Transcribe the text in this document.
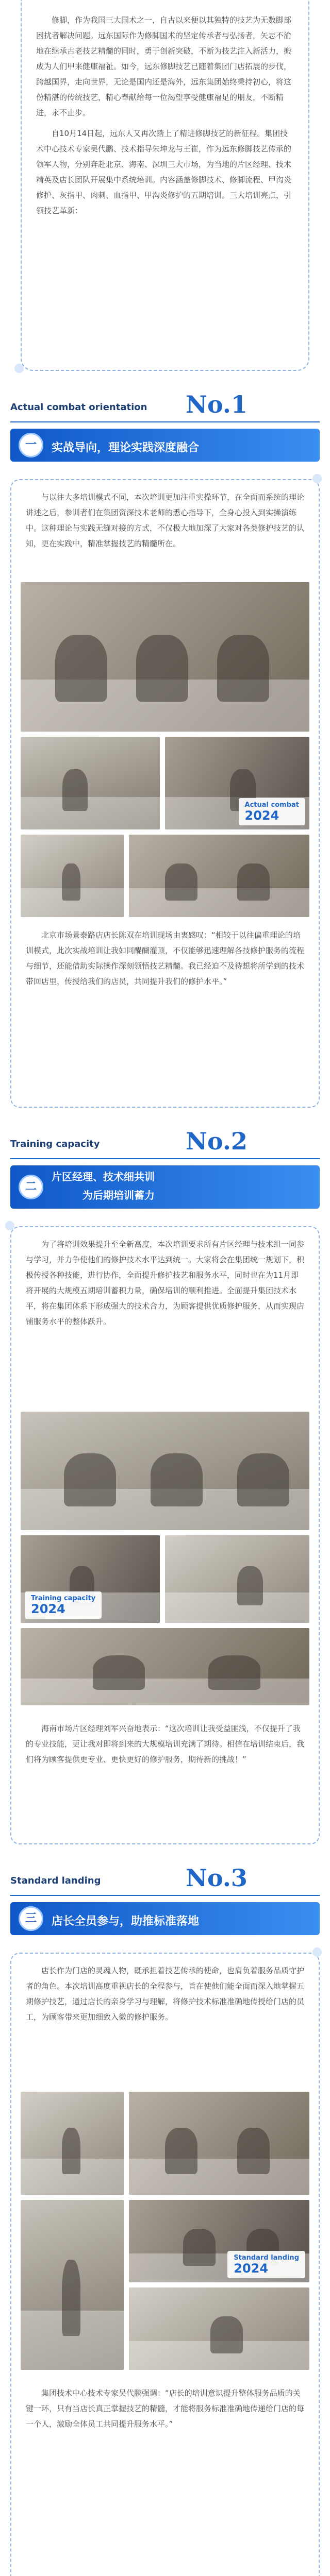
修脚，作为我国三大国术之一，自古以来便以其独特的技艺为无数脚部困扰者解决问题。远东国际作为修脚国术的坚定传承者与弘扬者，矢志不渝地在继承古老技艺精髓的同时，勇于创新突破，不断为技艺注入新活力，搬成为人们甲来健康福祉。如今，远东修脚技艺已随着集团门店拓展的步伐，跨越国界，走向世界，无论是国内还是海外，远东集团始终秉持初心，将这份精湛的传统技艺，精心奉献给每一位渴望享受健康福足的朋友，不断精进，永不止步。

自10月14日起，远东人又再次踏上了精进修脚技艺的新征程。集团技术中心技术专家吴代鹏、技术指导朱坤龙与王崔，作为远东修脚技艺传承的领军人物，分别奔赴北京、海南、深圳三大市场，为当地的片区经理、技术精英及店长团队开展集中系统培训。内容涵盖修脚技术、修脚流程、甲沟炎修护、灰指甲、肉刺、血指甲、甲沟炎修护的五期培训。三大培训亮点，引领技艺革新：

Actual combat orientation No.1
一	实战导向，理论实践深度融合
与以往大多培训模式不同，本次培训更加注重实操环节，在全面而系统的理论讲述之后，参训者们在集团资深技术老师的悉心指导下，全身心投入到实操演练中。这种理论与实践无缝对接的方式，不仅极大地加深了大家对各类修护技艺的认知，更在实践中，精准掌握技艺的精髓所在。
Actual combat
2024
北京市场景泰路店店长陈双在培训现场由衷感叹：“相较于以往偏重理论的培训模式，此次实战培训让我如同醍醐灌顶，不仅能够迅速理解各技修护服务的流程与细节，还能借助实际操作深刻领悟技艺精髓。我已经迫不及待想将所学到的技术带回店里，传授给我们的店员，共同提升我们的修护水平。”
Training capacity	No.2
二
片区经理、技术细共训
为后期培训蓄力
为了将培训效果提升至全新高度，本次培训要求所有片区经理与技术组一同参与学习，并力争使他们的修护技术水平达到统一。大家将会在集团统一规划下，积极传授各种技能，进行协作，全面提升修护技艺和服务水平，同时也在为11月即将开展的大规模五期培训蓄积力量，确保培训的顺利推进。全面提升集团技术水平，将在集团体系下形成强大的技术合力，为顾客提供优质修护服务，从而实现店铺服务水平的整体跃升。
Training capacity
2024
海南市场片区经理刘军兴奋地表示：“这次培训让我受益匪浅，不仅提升了我的专业技能，更让我对即将到来的大规模培训充满了期待。相信在培训结束后，我们将为顾客提供更专业、更快更好的修护服务，期待新的挑战！”
Standard landing	No.3
三	店长全员参与，助推标准落地
店长作为门店的灵魂人物，既承担着技艺传承的使命，也肩负着服务品质守护者的角色。本次培训高度重视店长的全程参与，旨在使他们能全面而深入地掌握五期修护技艺，通过店长的亲身学习与理解，将修护技术标准准确地传授给门店的员工，为顾客带来更加细致入微的修护服务。
Standard landing
2024
集团技术中心技术专家吴代鹏强调：“店长的培训意识提升整体服务品质的关键一环，只有当店长真正掌握技艺的精髓，才能将服务标准准确地传递给门店的每一个人，激励全体员工共同提升服务水平。”
